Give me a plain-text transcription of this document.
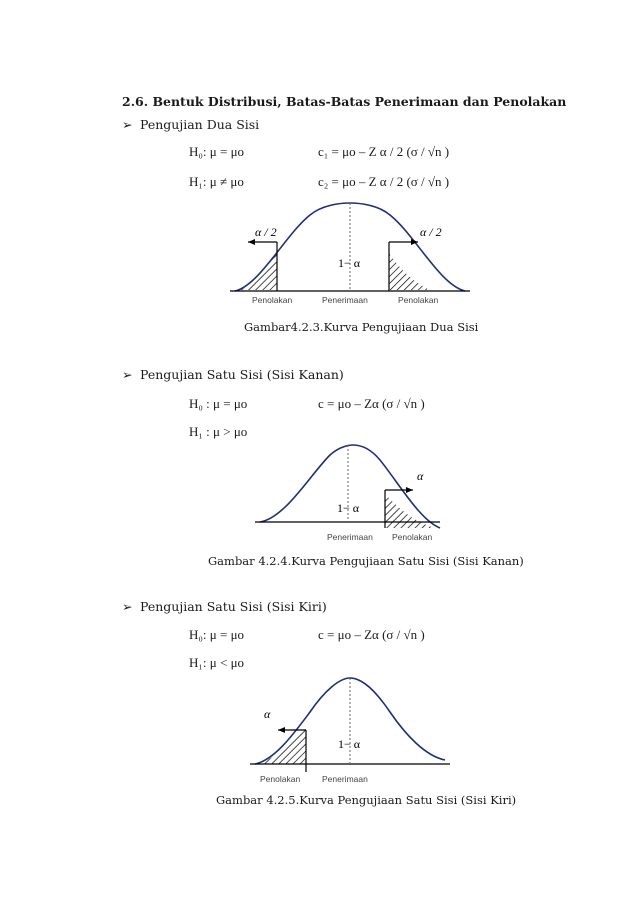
2.6. Bentuk Distribusi, Batas-Batas Penerimaan dan Penolakan
➢ Pengujian Dua Sisi
H₀: μ = μo	c₁ = μo – Z α / 2 (σ / √n )
H₁: μ ≠ μo	c₂ = μo – Z α / 2 (σ / √n )
α / 2	α / 2
1− α
Penolakan	Penerimaan	Penolakan
Gambar4.2.3.Kurva Pengujiaan Dua Sisi
➢ Pengujian Satu Sisi (Sisi Kanan)
H₀ : μ = μo	c = μo – Zα (σ / √n )
H₁ : μ > μo
α
1− α
Penerimaan Penolakan
Gambar 4.2.4.Kurva Pengujiaan Satu Sisi (Sisi Kanan)
➢ Pengujian Satu Sisi (Sisi Kiri)
H₀: μ = μo	c = μo – Zα (σ / √n )
H₁: μ < μo
α
1− α
Penolakan	Penerimaan
Gambar 4.2.5.Kurva Pengujiaan Satu Sisi (Sisi Kiri)
